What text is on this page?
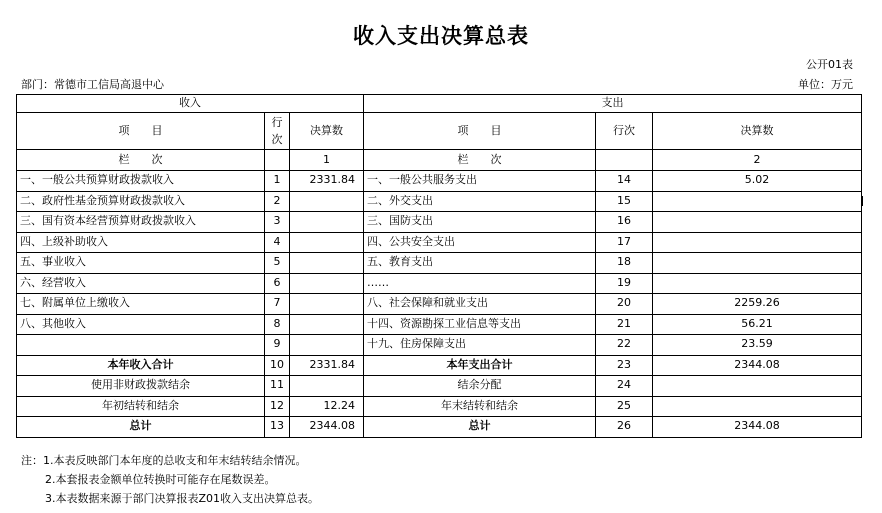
收入支出决算总表
公开01表
部门：常德市工信局高退中心	单位：万元
收入			支出		
项　　目	行次	决算数	项　　目	行次	决算数
栏　　次		1	栏　　次		2
一、一般公共预算财政拨款收入	1	2331.84	一、一般公共服务支出	14	5.02
二、政府性基金预算财政拨款收入	2		二、外交支出	15	
三、国有资本经营预算财政拨款收入	3		三、国防支出	16	
四、上级补助收入	4		四、公共安全支出	17	
五、事业收入	5		五、教育支出	18	
六、经营收入	6		……	19	
七、附属单位上缴收入	7		八、社会保障和就业支出	20	2259.26
八、其他收入	8		十四、资源勘探工业信息等支出	21	56.21
	9		十九、住房保障支出	22	23.59
本年收入合计	10	2331.84	本年支出合计	23	2344.08
使用非财政拨款结余	11		结余分配	24	
年初结转和结余	12	12.24	年末结转和结余	25	
总计	13	2344.08	总计	26	2344.08
注：1.本表反映部门本年度的总收支和年末结转结余情况。
2.本套报表金额单位转换时可能存在尾数误差。
3.本表数据来源于部门决算报表Z01收入支出决算总表。
